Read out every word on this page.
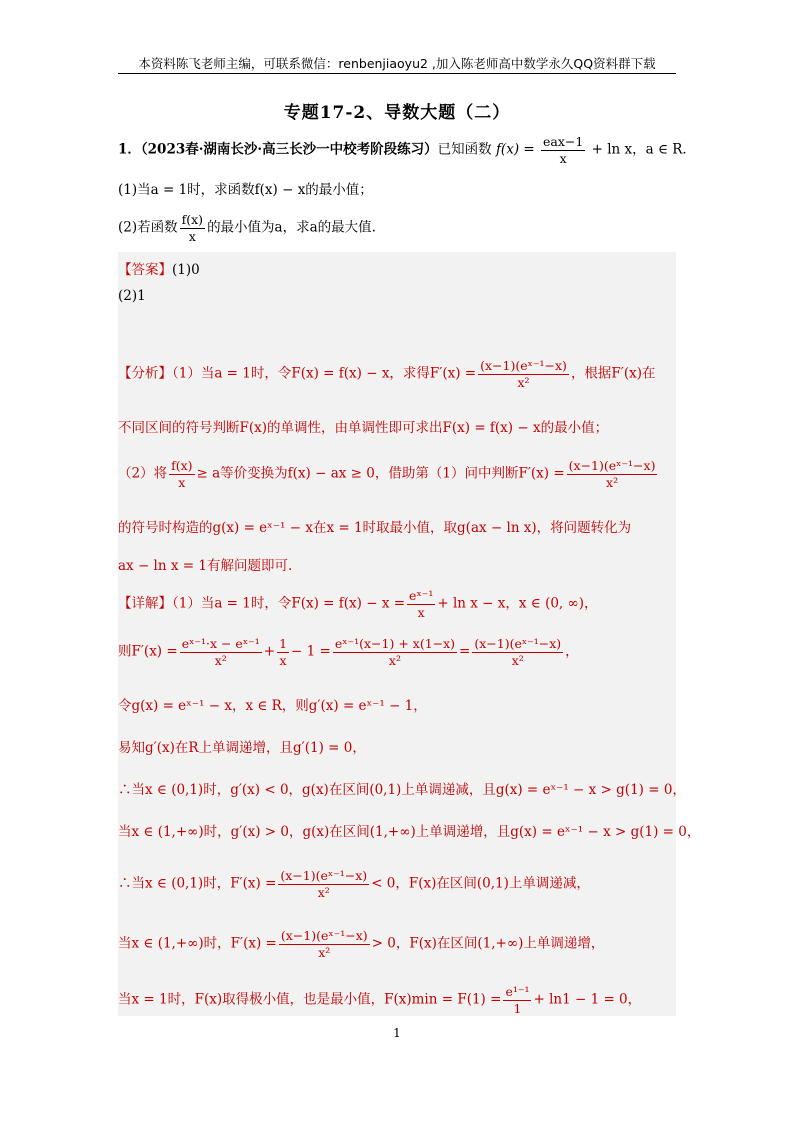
本资料陈飞老师主编，可联系微信：renbenjiaoyu2 ,加入陈老师高中数学永久QQ资料群下载
专题17-2、导数大题（二）
1．（2023春·湖南长沙·高三长沙一中校考阶段练习）已知函数 $f(x) = \frac{\text{eax−1}}{x} + \ln x$，a ∈ R．
(1)当a = 1时，求函数f(x) − x的最小值；
(2)若函数 $\frac{f(x)}{x}$ 的最小值为a，求a的最大值.
【答案】(1)0
(2)1
【分析】（1）当a = 1时，令F(x) = f(x) − x，求得$F'(x) = \frac{\text{(x−1)(eˣ⁻¹−x)}}{\text{x²}}$ ，根据F′(x)在
不同区间的符号判断F(x)的单调性，由单调性即可求出F(x) = f(x) − x的最小值；
（2）将 $\frac{f(x)}{x} \ge a$等价变换为f(x) − ax ≥ 0，借助第（1）问中判断$F'(x) = \frac{\text{(x−1)(eˣ⁻¹−x)}}{\text{x²}}$
的符号时构造的g(x) = eˣ⁻¹ − x在x = 1时取最小值，取g(ax − ln x)，将问题转化为
ax − ln x = 1有解问题即可.
【详解】（1）当a = 1时，令$F(x) = f(x) - x = \frac{\text{eˣ⁻¹}}{x} + \ln x - x$，x ∈ (0, ∞)，
则$F'(x) = \frac{\text{eˣ⁻¹·x − eˣ⁻¹}}{\text{x²}} + \frac{1}{x} - 1 = \frac{\text{eˣ⁻¹(x−1) + x(1−x)}}{\text{x²}} = \frac{\text{(x−1)(eˣ⁻¹−x)}}{\text{x²}}$ ，
令g(x) = eˣ⁻¹ − x，x ∈ R，则g′(x) = eˣ⁻¹ − 1，
易知g′(x)在R上单调递增，且g′(1) = 0，
∴当x ∈ (0,1)时，g′(x) < 0，g(x)在区间(0,1)上单调递减，且g(x) = eˣ⁻¹ − x > g(1) = 0，
当x ∈ (1,+∞)时，g′(x) > 0，g(x)在区间(1,+∞)上单调递增，且g(x) = eˣ⁻¹ − x > g(1) = 0，
∴当x ∈ (0,1)时，$F'(x) = \frac{\text{(x−1)(eˣ⁻¹−x)}}{\text{x²}} < 0$，F(x)在区间(0,1)上单调递减，
当x ∈ (1,+∞)时，$F'(x) = \frac{\text{(x−1)(eˣ⁻¹−x)}}{\text{x²}} > 0$，F(x)在区间(1,+∞)上单调递增，
当x = 1时，F(x)取得极小值，也是最小值，$F(x)\min = F(1) = \frac{\text{e¹⁻¹}}{1} + \ln 1 - 1 = 0$，
1
